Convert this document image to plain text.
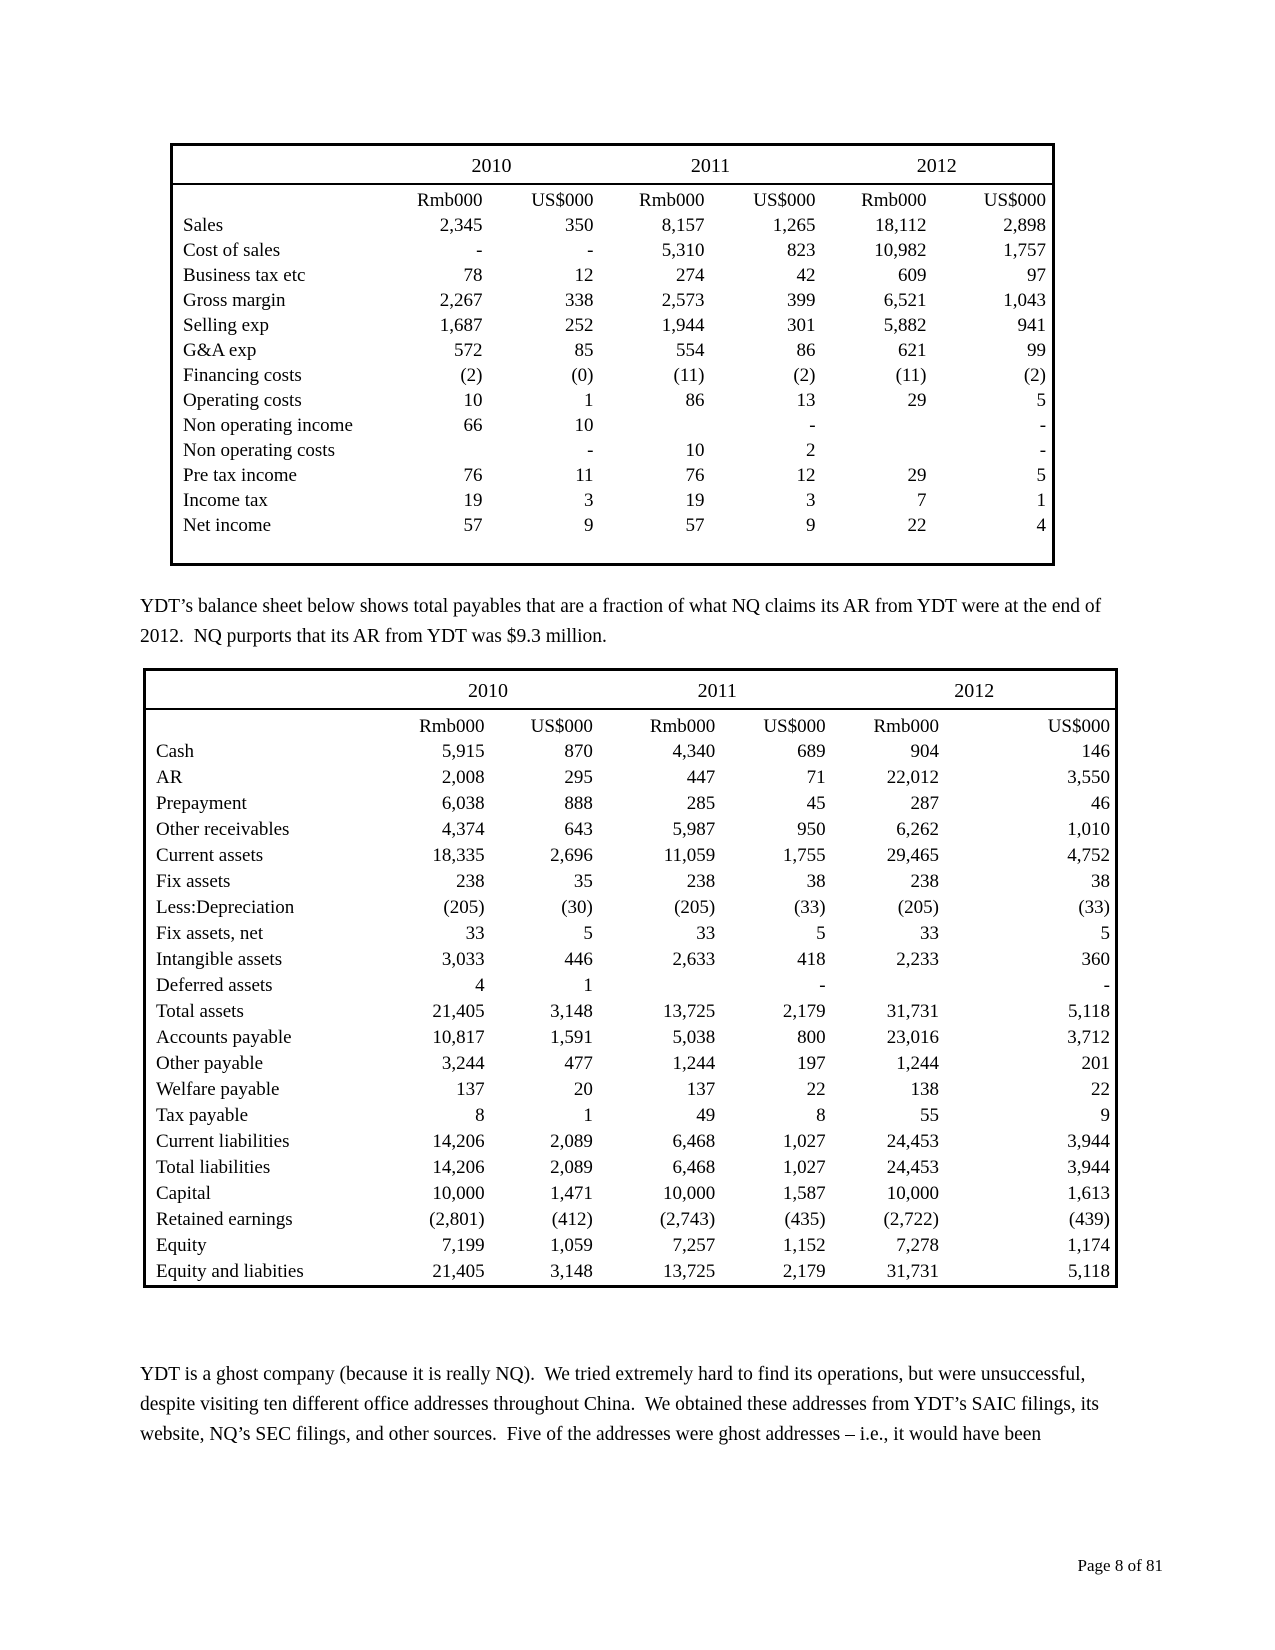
	2010		2011		2012	
	Rmb000	US$000	Rmb000	US$000	Rmb000	US$000
Sales	2,345	350	8,157	1,265	18,112	2,898
Cost of sales	-	-	5,310	823	10,982	1,757
Business tax etc	78	12	274	42	609	97
Gross margin	2,267	338	2,573	399	6,521	1,043
Selling exp	1,687	252	1,944	301	5,882	941
G&A exp	572	85	554	86	621	99
Financing costs	(2)	(0)	(11)	(2)	(11)	(2)
Operating costs	10	1	86	13	29	5
Non operating income	66	10		-		-
Non operating costs		-	10	2		-
Pre tax income	76	11	76	12	29	5
Income tax	19	3	19	3	7	1
Net income	57	9	57	9	22	4

YDT’s balance sheet below shows total payables that are a fraction of what NQ claims its AR from YDT were at the end of 2012.  NQ purports that its AR from YDT was $9.3 million.

	2010		2011		2012	
	Rmb000	US$000	Rmb000	US$000	Rmb000	US$000
Cash	5,915	870	4,340	689	904	146
AR	2,008	295	447	71	22,012	3,550
Prepayment	6,038	888	285	45	287	46
Other receivables	4,374	643	5,987	950	6,262	1,010
Current assets	18,335	2,696	11,059	1,755	29,465	4,752
Fix assets	238	35	238	38	238	38
Less:Depreciation	(205)	(30)	(205)	(33)	(205)	(33)
Fix assets, net	33	5	33	5	33	5
Intangible assets	3,033	446	2,633	418	2,233	360
Deferred assets	4	1		-		-
Total assets	21,405	3,148	13,725	2,179	31,731	5,118
Accounts payable	10,817	1,591	5,038	800	23,016	3,712
Other payable	3,244	477	1,244	197	1,244	201
Welfare payable	137	20	137	22	138	22
Tax payable	8	1	49	8	55	9
Current liabilities	14,206	2,089	6,468	1,027	24,453	3,944
Total liabilities	14,206	2,089	6,468	1,027	24,453	3,944
Capital	10,000	1,471	10,000	1,587	10,000	1,613
Retained earnings	(2,801)	(412)	(2,743)	(435)	(2,722)	(439)
Equity	7,199	1,059	7,257	1,152	7,278	1,174
Equity and liabities	21,405	3,148	13,725	2,179	31,731	5,118

YDT is a ghost company (because it is really NQ).  We tried extremely hard to find its operations, but were unsuccessful, despite visiting ten different office addresses throughout China.  We obtained these addresses from YDT’s SAIC filings, its website, NQ’s SEC filings, and other sources.  Five of the addresses were ghost addresses – i.e., it would have been

Page 8 of 81
